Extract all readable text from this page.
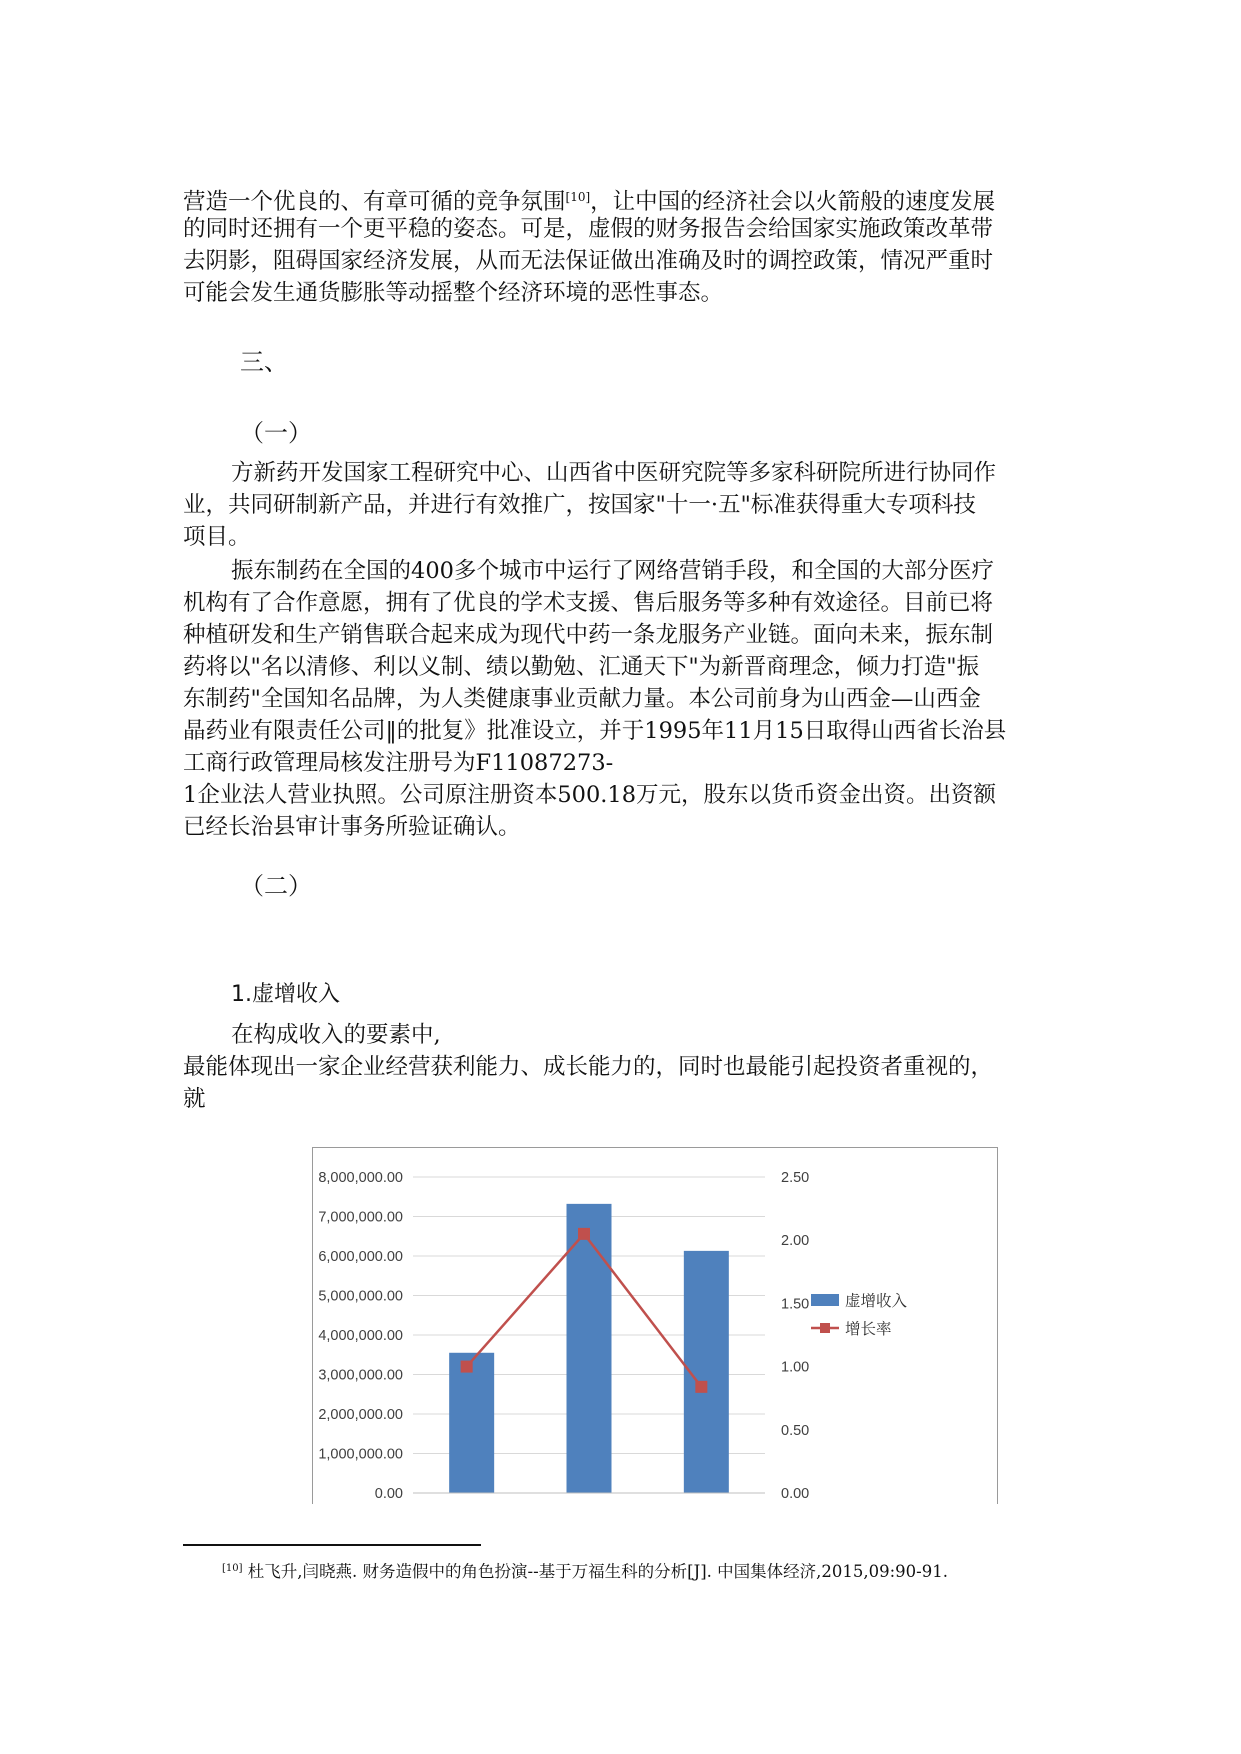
营造一个优良的、有章可循的竞争氛围[10]，让中国的经济社会以火箭般的速度发展
的同时还拥有一个更平稳的姿态。可是，虚假的财务报告会给国家实施政策改革带
去阴影，阻碍国家经济发展，从而无法保证做出准确及时的调控政策，情况严重时
可能会发生通货膨胀等动摇整个经济环境的恶性事态。
三、
（一）
方新药开发国家工程研究中心、山西省中医研究院等多家科研院所进行协同作
业，共同研制新产品，并进行有效推广，按国家"十一·五"标准获得重大专项科技
项目。
振东制药在全国的400多个城市中运行了网络营销手段，和全国的大部分医疗
机构有了合作意愿，拥有了优良的学术支援、售后服务等多种有效途径。目前已将
种植研发和生产销售联合起来成为现代中药一条龙服务产业链。面向未来，振东制
药将以"名以清修、利以义制、绩以勤勉、汇通天下"为新晋商理念，倾力打造"振
东制药"全国知名品牌，为人类健康事业贡献力量。本公司前身为山西金—山西金
晶药业有限责任公司‖的批复》批准设立，并于1995年11月15日取得山西省长治县
工商行政管理局核发注册号为F11087273-
1企业法人营业执照。公司原注册资本500.18万元，股东以货币资金出资。出资额
已经长治县审计事务所验证确认。
（二）
1.虚增收入
在构成收入的要素中,
最能体现出一家企业经营获利能力、成长能力的，同时也最能引起投资者重视的，
就
0.00
1,000,000.00
2,000,000.00
3,000,000.00
4,000,000.00
5,000,000.00
6,000,000.00
7,000,000.00
8,000,000.00
0.00
0.50
1.00
1.50
2.00
2.50
虚增收入
增长率
[10] 杜飞升,闫晓燕. 财务造假中的角色扮演--基于万福生科的分析[J]. 中国集体经济,2015,09:90-91.
